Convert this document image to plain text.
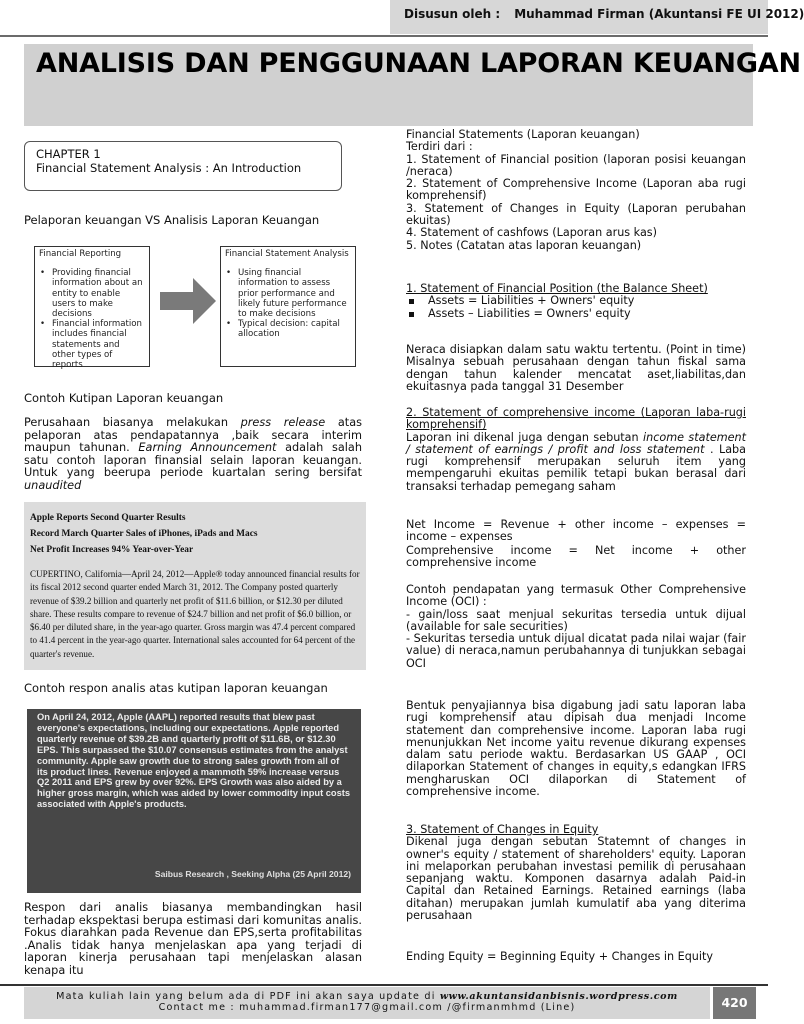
Disusun oleh : Muhammad Firman (Akuntansi FE UI 2012)
ANALISIS DAN PENGGUNAAN LAPORAN KEUANGAN
CHAPTER 1
Financial Statement Analysis : An Introduction
Pelaporan keuangan VS Analisis Laporan Keuangan
Financial Reporting
• Providing financial information about an entity to enable users to make decisions
• Financial information includes financial statements and other types of reports
Financial Statement Analysis
• Using financial information to assess prior performance and likely future performance to make decisions
• Typical decision: capital allocation
Contoh Kutipan Laporan keuangan
Perusahaan biasanya melakukan press release atas pelaporan atas pendapatannya ,baik secara interim maupun tahunan. Earning Announcement adalah salah satu contoh laporan finansial selain laporan keuangan. Untuk yang beerupa periode kuartalan sering bersifat unaudited
Apple Reports Second Quarter Results
Record March Quarter Sales of iPhones, iPads and Macs
Net Profit Increases 94% Year-over-Year
CUPERTINO, California—April 24, 2012—Apple® today announced financial results for its fiscal 2012 second quarter ended March 31, 2012. The Company posted quarterly revenue of $39.2 billion and quarterly net profit of $11.6 billion, or $12.30 per diluted share. These results compare to revenue of $24.7 billion and net profit of $6.0 billion, or $6.40 per diluted share, in the year-ago quarter. Gross margin was 47.4 percent compared to 41.4 percent in the year-ago quarter. International sales accounted for 64 percent of the quarter's revenue.
Contoh respon analis atas kutipan laporan keuangan
On April 24, 2012, Apple (AAPL) reported results that blew past everyone's expectations, including our expectations. Apple reported quarterly revenue of $39.2B and quarterly profit of $11.6B, or $12.30 EPS. This surpassed the $10.07 consensus estimates from the analyst community. Apple saw growth due to strong sales growth from all of its product lines. Revenue enjoyed a mammoth 59% increase versus Q2 2011 and EPS grew by over 92%. EPS Growth was also aided by a higher gross margin, which was aided by lower commodity input costs associated with Apple's products.
Saibus Research , Seeking Alpha (25 April 2012)
Respon dari analis biasanya membandingkan hasil terhadap ekspektasi berupa estimasi dari komunitas analis. Fokus diarahkan pada Revenue dan EPS,serta profitabilitas .Analis tidak hanya menjelaskan apa yang terjadi di laporan kinerja perusahaan tapi menjelaskan alasan kenapa itu
Financial Statements (Laporan keuangan)
Terdiri dari :
1. Statement of Financial position (laporan posisi keuangan /neraca)
2. Statement of Comprehensive Income (Laporan aba rugi komprehensif)
3. Statement of Changes in Equity (Laporan perubahan ekuitas)
4. Statement of cashfows (Laporan arus kas)
5. Notes (Catatan atas laporan keuangan)
1. Statement of Financial Position (the Balance Sheet)
Assets = Liabilities + Owners' equity
Assets – Liabilities = Owners' equity
Neraca disiapkan dalam satu waktu tertentu. (Point in time) Misalnya sebuah perusahaan dengan tahun fiskal sama dengan tahun kalender mencatat aset,liabilitas,dan ekuitasnya pada tanggal 31 Desember
2. Statement of comprehensive income (Laporan laba-rugi komprehensif)
Laporan ini dikenal juga dengan sebutan income statement / statement of earnings / profit and loss statement . Laba rugi komprehensif merupakan seluruh item yang mempengaruhi ekuitas pemilik tetapi bukan berasal dari transaksi terhadap pemegang saham
Net Income = Revenue + other income – expenses = income – expenses
Comprehensive income = Net income + other comprehensive income
Contoh pendapatan yang termasuk Other Comprehensive Income (OCI) :
- gain/loss saat menjual sekuritas tersedia untuk dijual (available for sale securities)
- Sekuritas tersedia untuk dijual dicatat pada nilai wajar (fair value) di neraca,namun perubahannya di tunjukkan sebagai OCI
Bentuk penyajiannya bisa digabung jadi satu laporan laba rugi komprehensif atau dipisah dua menjadi Income statement dan comprehensive income. Laporan laba rugi menunjukkan Net income yaitu revenue dikurang expenses dalam satu periode waktu. Berdasarkan US GAAP , OCI dilaporkan Statement of changes in equity,s edangkan IFRS mengharuskan OCI dilaporkan di Statement of comprehensive income.
3. Statement of Changes in Equity
Dikenal juga dengan sebutan Statemnt of changes in owner's equity / statement of shareholders' equity. Laporan ini melaporkan perubahan investasi pemilik di perusahaan sepanjang waktu. Komponen dasarnya adalah Paid-in Capital dan Retained Earnings. Retained earnings (laba ditahan) merupakan jumlah kumulatif aba yang diterima perusahaan
Ending Equity = Beginning Equity + Changes in Equity
Mata kuliah lain yang belum ada di PDF ini akan saya update di www.akuntansidanbisnis.wordpress.com
Contact me : muhammad.firman177@gmail.com /@firmanmhmd (Line)	420
